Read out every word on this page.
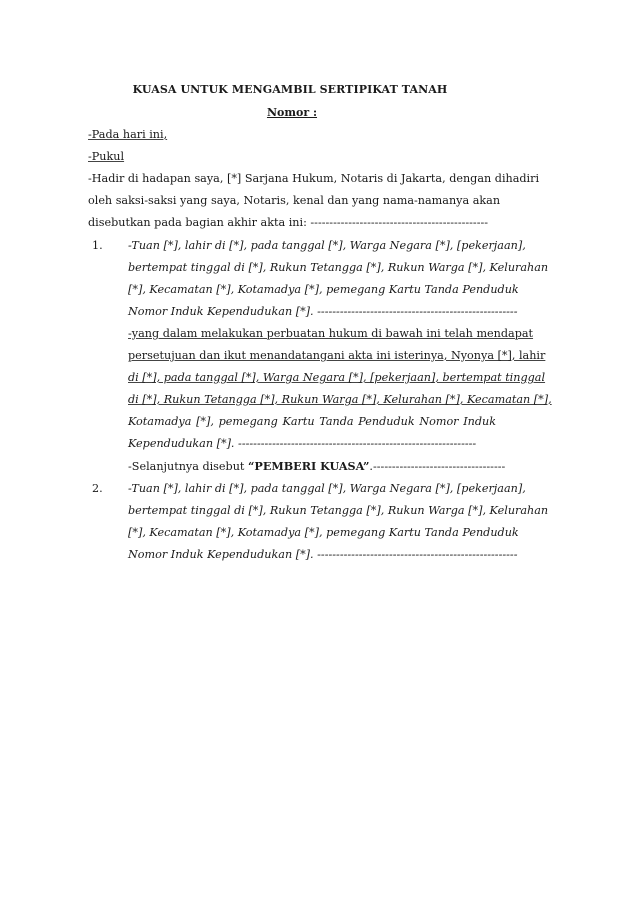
KUASA UNTUK MENGAMBIL SERTIPIKAT TANAH
Nomor :
-Pada hari ini,
-Pukul
-Hadir di hadapan saya, [*] Sarjana Hukum, Notaris di Jakarta, dengan dihadiri
oleh saksi-saksi yang saya, Notaris, kenal dan yang nama-namanya akan
disebutkan pada bagian akhir akta ini: -----------------------------------------------
1. -Tuan [*], lahir di [*], pada tanggal [*], Warga Negara [*], [pekerjaan],
bertempat tinggal di [*], Rukun Tetangga [*], Rukun Warga [*], Kelurahan
[*], Kecamatan [*], Kotamadya [*], pemegang Kartu Tanda Penduduk
Nomor Induk Kependudukan [*]. -----------------------------------------------------
-yang dalam melakukan perbuatan hukum di bawah ini telah mendapat
persetujuan dan ikut menandatangani akta ini isterinya, Nyonya [*], lahir
di [*], pada tanggal [*], Warga Negara [*], [pekerjaan], bertempat tinggal
di [*], Rukun Tetangga [*], Rukun Warga [*], Kelurahan [*], Kecamatan [*],
Kotamadya [*], pemegang Kartu Tanda Penduduk Nomor Induk
Kependudukan [*]. ---------------------------------------------------------------
-Selanjutnya disebut “PEMBERI KUASA”.-----------------------------------
2. -Tuan [*], lahir di [*], pada tanggal [*], Warga Negara [*], [pekerjaan],
bertempat tinggal di [*], Rukun Tetangga [*], Rukun Warga [*], Kelurahan
[*], Kecamatan [*], Kotamadya [*], pemegang Kartu Tanda Penduduk
Nomor Induk Kependudukan [*]. -----------------------------------------------------
